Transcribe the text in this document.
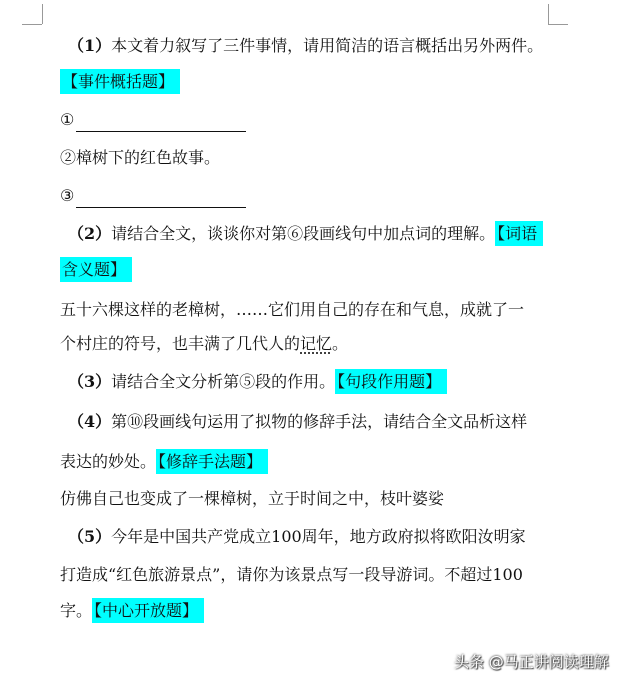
（1）本文着力叙写了三件事情，请用简洁的语言概括出另外两件。
【事件概括题】
①
②樟树下的红色故事。
③
（2）请结合全文，谈谈你对第⑥段画线句中加点词的理解。 【词语
含义题】
五十六棵这样的老樟树，……它们用自己的存在和气息，成就了一
个村庄的符号，也丰满了几代人的记忆。
（3）请结合全文分析第⑤段的作用。 【句段作用题】
（4）第⑩段画线句运用了拟物的修辞手法，请结合全文品析这样
表达的妙处。 【修辞手法题】
仿佛自己也变成了一棵樟树，立于时间之中，枝叶婆娑
（5）今年是中国共产党成立100周年，地方政府拟将欧阳汝明家
打造成“红色旅游景点”，请你为该景点写一段导游词。不超过100
字。 【中心开放题】
头条 @马正讲阅读理解
